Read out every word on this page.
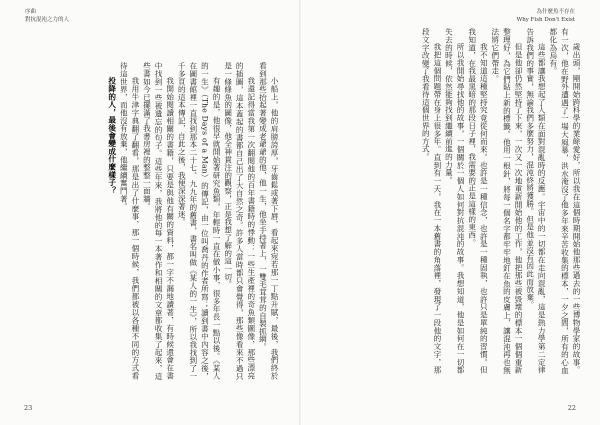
序曲
對抗混沌之力的人

小船上，他的肩膀誇厚，牙齒鬆或著下唇，看起來宛若那一丁點升賦，最後，我們終於看到那些抬起著變成老爺爺的他，他一生，他坐手持著上，一雙毛茸茸的自製抓網。

我還記得當我第一次翻閱他的百年書籍時的悸動：一些生產裡的奇魚類圖像，那些漂亮的插圖，這本蓋起的書都自己出了大自然之奇。許多人當時都只會覺得，那些像看來不過只是一條條魚的圖像，他全神貫注的觀察，正是我想了解的這一切。

有趣的是，他很早就開始著研究魚類，年輕時一直在做小事，很多年長一點以後。《某人的一生》（The Days of a Man）的傳記，由一位叫喬丹的作者所寫；讀到書中內容之後，在圖書館裡一直找到那本二十七、九九年的舊書，書名叫做《某人的一生》，所以我找到了一千多頁的這本傳記，自此之後，我便深深著迷。

我開始閱讀相關的書籍，只要是與他有關的資料，都一字不漏地讀著，有時候還會在書中找到一些被遺忘的句子。這些年來，我將他的每一本著作和相關的文章都收集了起來，這些書如今已擺滿了我書房裡的整整一面牆。

我用牛津字典翻了翻看，那是出了什麼事，那一個時候，我們都被以各種不同的方式看待這世界，而他沒有放棄，他繼續奮鬥著。

投降的人，最後會變成什麼樣子？

23
為什麼魚不存在
Why Fish Don't Exist

歲出頭，剛開始跨科學的業餘愛好，所以我在這個時期開始他那些過去的一些博物學家的故事。有一次，他在野外遭遇了一場大風暴，洪水淹沒了他多年來辛苦收集的標本，一夕之間，所有的心血都化為烏有。

這些都讓我想起了人類在面對混亂時的反應。宇宙中的一切都在走向混亂，這是熱力學第二定律告訴我們的事實，無論我們多麼努力，混沌終將獲勝。但是他並沒有因此而放棄。

但是他卻仍然堅持了下來，一次又一次地重新開始他的工作，他把那些被毀壞的標本一個個重新整理好，為它們貼上新的標籤。他用一根針，將每一個名字都牢牢地釘在魚的皮膚上，讓混沌再也無法將它們帶走。

我不知道這種堅持究竟從何而來。也許是一種信念，也許是一種固執，也許只是單純的習慣。但我知道，在我最黑暗的那段日子裡，我需要的正是這樣的東西。

所以我開始尋找他的故事，一個關於一個人如何對抗混沌的故事。我想知道，他是如何在一切都失去的時候，依然能夠找到繼續前進的力量。

我把這個問題帶在身上很多年。直到有一天，我在一本舊書的角落裡，發現了一段他的文字，那段文字改變了我看待這個世界的方式。

22
